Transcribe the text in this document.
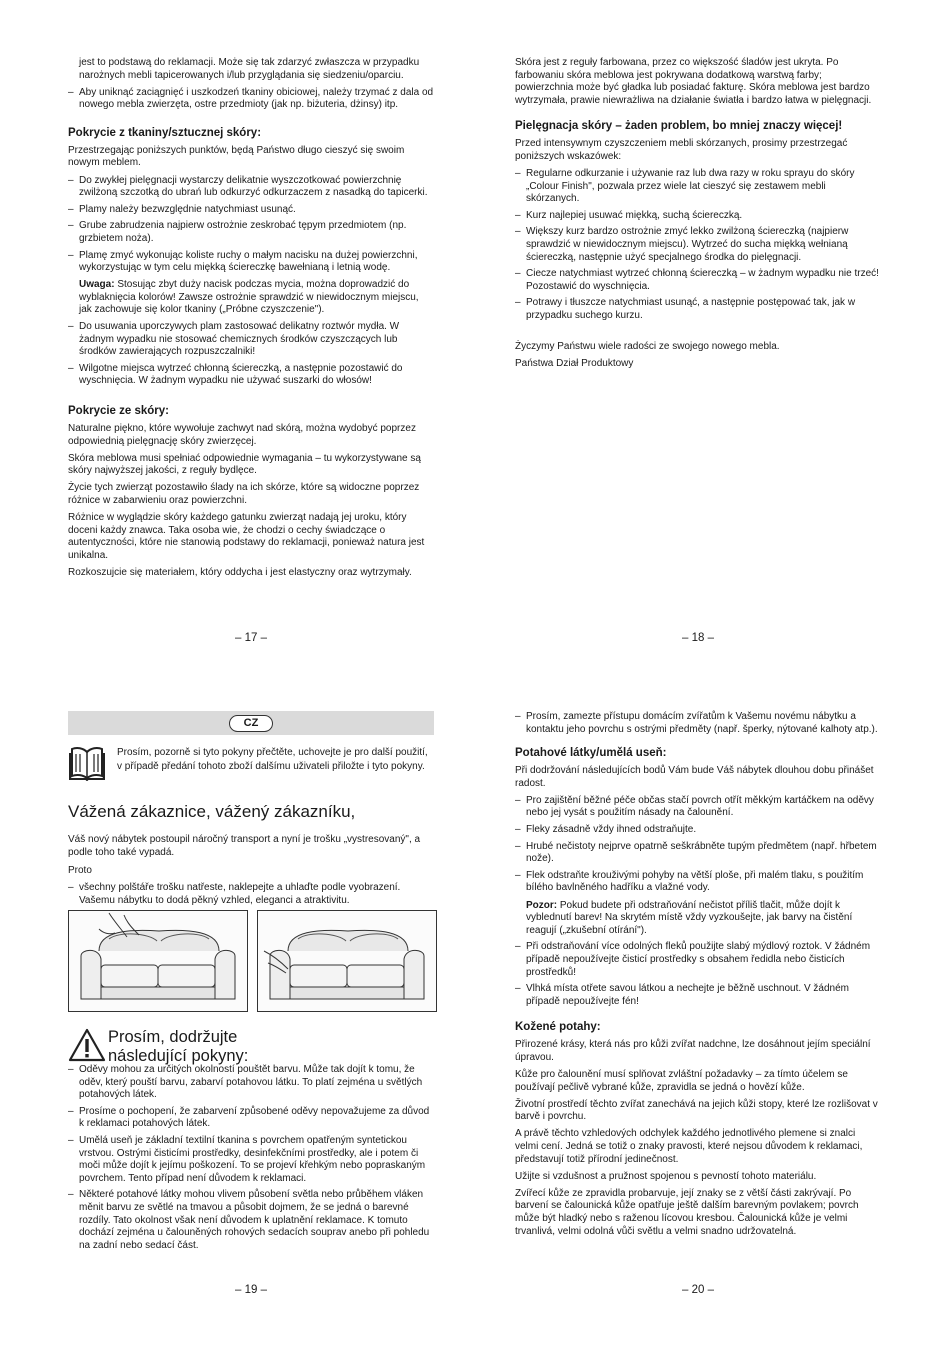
jest to podstawą do reklamacji. Może się tak zdarzyć zwłaszcza w przypadku narożnych mebli tapicerowanych i/lub przyglądania się siedzeniu/oparciu.

– Aby uniknąć zaciągnięć i uszkodzeń tkaniny obiciowej, należy trzymać z dala od nowego mebla zwierzęta, ostre przedmioty (jak np. biżuteria, dżinsy) itp.
Pokrycie z tkaniny/sztucznej skóry:

Przestrzegając poniższych punktów, będą Państwo długo cieszyć się swoim nowym meblem.

– Do zwykłej pielęgnacji wystarczy delikatnie wyszczotkować powierzchnię zwilżoną szczotką do ubrań lub odkurzyć odkurzaczem z nasadką do tapicerki.
– Plamy należy bezwzględnie natychmiast usunąć.
– Grube zabrudzenia najpierw ostrożnie zeskrobać tępym przedmiotem (np. grzbietem noża).
– Plamę zmyć wykonując koliste ruchy o małym nacisku na dużej powierzchni, wykorzystując w tym celu miękką ściereczkę bawełnianą i letnią wodę.
Uwaga: Stosując zbyt duży nacisk podczas mycia, można doprowadzić do wyblaknięcia kolorów! Zawsze ostrożnie sprawdzić w niewidocznym miejscu, jak zachowuje się kolor tkaniny („Próbne czyszczenie").
– Do usuwania uporczywych plam zastosować delikatny roztwór mydła. W żadnym wypadku nie stosować chemicznych środków czyszczących lub środków zawierających rozpuszczalniki!
– Wilgotne miejsca wytrzeć chłonną ściereczką, a następnie pozostawić do wyschnięcia. W żadnym wypadku nie używać suszarki do włosów!
Pokrycie ze skóry:

Naturalne piękno, które wywołuje zachwyt nad skórą, można wydobyć poprzez odpowiednią pielęgnację skóry zwierzęcej.

Skóra meblowa musi spełniać odpowiednie wymagania – tu wykorzystywane są skóry najwyższej jakości, z reguły bydlęce.

Życie tych zwierząt pozostawiło ślady na ich skórze, które są widoczne poprzez różnice w zabarwieniu oraz powierzchni.

Różnice w wyglądzie skóry każdego gatunku zwierząt nadają jej uroku, który doceni każdy znawca. Taka osoba wie, że chodzi o cechy świadczące o autentyczności, które nie stanowią podstawy do reklamacji, ponieważ natura jest unikalna.

Rozkoszujcie się materiałem, który oddycha i jest elastyczny oraz wytrzymały.

– 17 –

Skóra jest z reguły farbowana, przez co większość śladów jest ukryta. Po farbowaniu skóra meblowa jest pokrywana dodatkową warstwą farby; powierzchnia może być gładka lub posiadać fakturę. Skóra meblowa jest bardzo wytrzymała, prawie niewrażliwa na działanie światła i bardzo łatwa w pielęgnacji.

Pielęgnacja skóry – żaden problem, bo mniej znaczy więcej!

Przed intensywnym czyszczeniem mebli skórzanych, prosimy przestrzegać poniższych wskazówek:

– Regularne odkurzanie i używanie raz lub dwa razy w roku sprayu do skóry „Colour Finish", pozwala przez wiele lat cieszyć się zestawem mebli skórzanych.
– Kurz najlepiej usuwać miękką, suchą ściereczką.
– Większy kurz bardzo ostrożnie zmyć lekko zwilżoną ściereczką (najpierw sprawdzić w niewidocznym miejscu). Wytrzeć do sucha miękką wełnianą ściereczką, następnie użyć specjalnego środka do pielęgnacji.
– Ciecze natychmiast wytrzeć chłonną ściereczką – w żadnym wypadku nie trzeć! Pozostawić do wyschnięcia.
– Potrawy i tłuszcze natychmiast usunąć, a następnie postępować tak, jak w przypadku suchego kurzu.

Życzymy Państwu wiele radości ze swojego nowego mebla.

Państwa Dział Produktowy

– 18 –
CZ
Prosím, pozorně si tyto pokyny přečtěte, uchovejte je pro další použití, v případě předání tohoto zboží dalšímu uživateli přiložte i tyto pokyny.
Vážená zákaznice, vážený zákazníku,

Váš nový nábytek postoupil náročný transport a nyní je trošku „vystresovaný", a podle toho také vypadá.

Proto

– všechny polštáře trošku natřeste, naklepejte a uhlaďte podle vyobrazení. Vašemu nábytku to dodá pěkný vzhled, eleganci a atraktivitu.
Prosím, dodržujte
následující pokyny:
– Oděvy mohou za určitých okolností pouštět barvu. Může tak dojít k tomu, že oděv, který pouští barvu, zabarví potahovou látku. To platí zejména u světlých potahových látek.
– Prosíme o pochopení, že zabarvení způsobené oděvy nepovažujeme za důvod k reklamaci potahových látek.
– Umělá useň je základní textilní tkanina s povrchem opatřeným syntetickou vrstvou. Ostrými čisticími prostředky, desinfekčními prostředky, ale i potem či moči může dojít k jejímu poškození. To se projeví křehkým nebo popraskaným povrchem. Tento případ není důvodem k reklamaci.
– Některé potahové látky mohou vlivem působení světla nebo průběhem vláken měnit barvu ze světlé na tmavou a působit dojmem, že se jedná o barevné rozdíly. Tato okolnost však není důvodem k uplatnění reklamace. K tomuto dochází zejména u čalouněných rohových sedacích souprav anebo při pohledu na zadní nebo sedací část.
– 19 –
– Prosím, zamezte přístupu domácím zvířatům k Vašemu novému nábytku a kontaktu jeho povrchu s ostrými předměty (např. šperky, nýtované kalhoty atp.).
Potahové látky/umělá useň:

Při dodržování následujících bodů Vám bude Váš nábytek dlouhou dobu přinášet radost.

– Pro zajištění běžné péče občas stačí povrch otřít měkkým kartáčkem na oděvy nebo jej vysát s použitím násady na čalounění.
– Fleky zásadně vždy ihned odstraňujte.
– Hrubé nečistoty nejprve opatrně seškrábněte tupým předmětem (např. hřbetem nože).
– Flek odstraňte krouživými pohyby na větší ploše, při malém tlaku, s použitím bílého bavlněného hadříku a vlažné vody.
Pozor: Pokud budete při odstraňování nečistot příliš tlačit, může dojít k vyblednutí barev! Na skrytém místě vždy vyzkoušejte, jak barvy na čistění reagují („zkušební otírání").
– Při odstraňování více odolných fleků použijte slabý mýdlový roztok. V žádném případě nepoužívejte čisticí prostředky s obsahem ředidla nebo čisticích prostředků!
– Vlhká místa otřete savou látkou a nechejte je běžně uschnout. V žádném případě nepoužívejte fén!
Kožené potahy:

Přirozené krásy, která nás pro kůži zvířat nadchne, lze dosáhnout jejím speciální úpravou.

Kůže pro čalounění musí splňovat zvláštní požadavky – za tímto účelem se používají pečlivě vybrané kůže, zpravidla se jedná o hovězí kůže.

Životní prostředí těchto zvířat zanechává na jejich kůži stopy, které lze rozlišovat v barvě i povrchu.

A právě těchto vzhledových odchylek každého jednotlivého plemene si znalci velmi cení. Jedná se totiž o znaky pravosti, které nejsou důvodem k reklamaci, představují totiž přírodní jedinečnost.

Užijte si vzdušnost a pružnost spojenou s pevností tohoto materiálu.

Zvířecí kůže ze zpravidla probarvuje, její znaky se z větší části zakrývají. Po barvení se čalounická kůže opatřuje ještě dalším barevným povlakem; povrch může být hladký nebo s raženou lícovou kresbou. Čalounická kůže je velmi trvanlivá, velmi odolná vůči světlu a velmi snadno udržovatelná.

– 20 –
